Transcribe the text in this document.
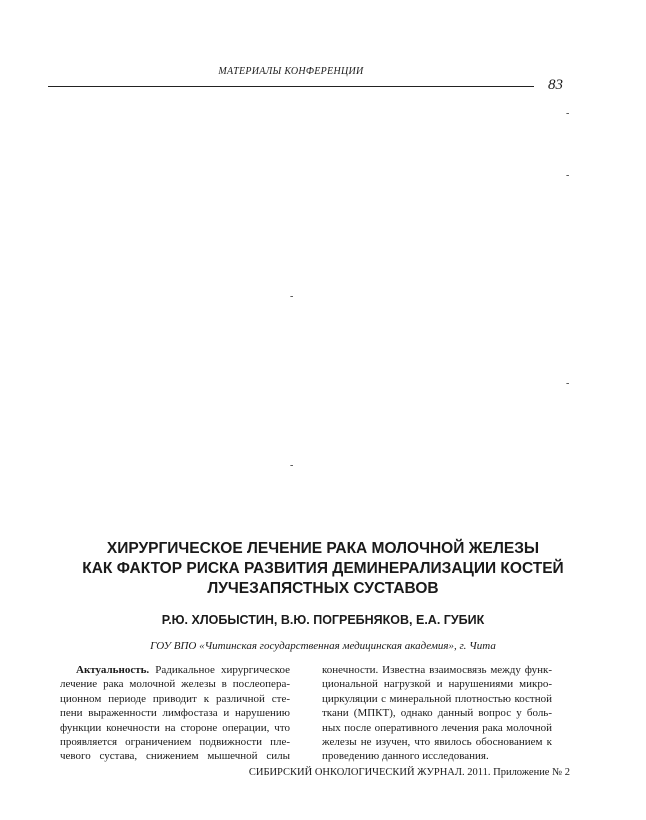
МАТЕРИАЛЫ КОНФЕРЕНЦИИ
83
-
-
-
-
-
ХИРУРГИЧЕСКОЕ ЛЕЧЕНИЕ РАКА МОЛОЧНОЙ ЖЕЛЕЗЫ
КАК ФАКТОР РИСКА РАЗВИТИЯ ДЕМИНЕРАЛИЗАЦИИ КОСТЕЙ
ЛУЧЕЗАПЯСТНЫХ СУСТАВОВ
Р.Ю. ХЛОБЫСТИН, В.Ю. ПОГРЕБНЯКОВ, Е.А. ГУБИК
ГОУ ВПО «Читинская государственная медицинская академия», г. Чита
Актуальность. Радикальное хирургическое
лечение рака молочной железы в послеопера-
ционном периоде приводит к различной сте-
пени выраженности лимфостаза и нарушению
функции конечности на стороне операции, что
проявляется ограничением подвижности пле-
чевого сустава, снижением мышечной силы
конечности. Известна взаимосвязь между функ-
циональной нагрузкой и нарушениями микро-
циркуляции с минеральной плотностью костной
ткани (МПКТ), однако данный вопрос у боль-
ных после оперативного лечения рака молочной
железы не изучен, что явилось обоснованием к
проведению данного исследования.
СИБИРСКИЙ ОНКОЛОГИЧЕСКИЙ ЖУРНАЛ. 2011. Приложение № 2
